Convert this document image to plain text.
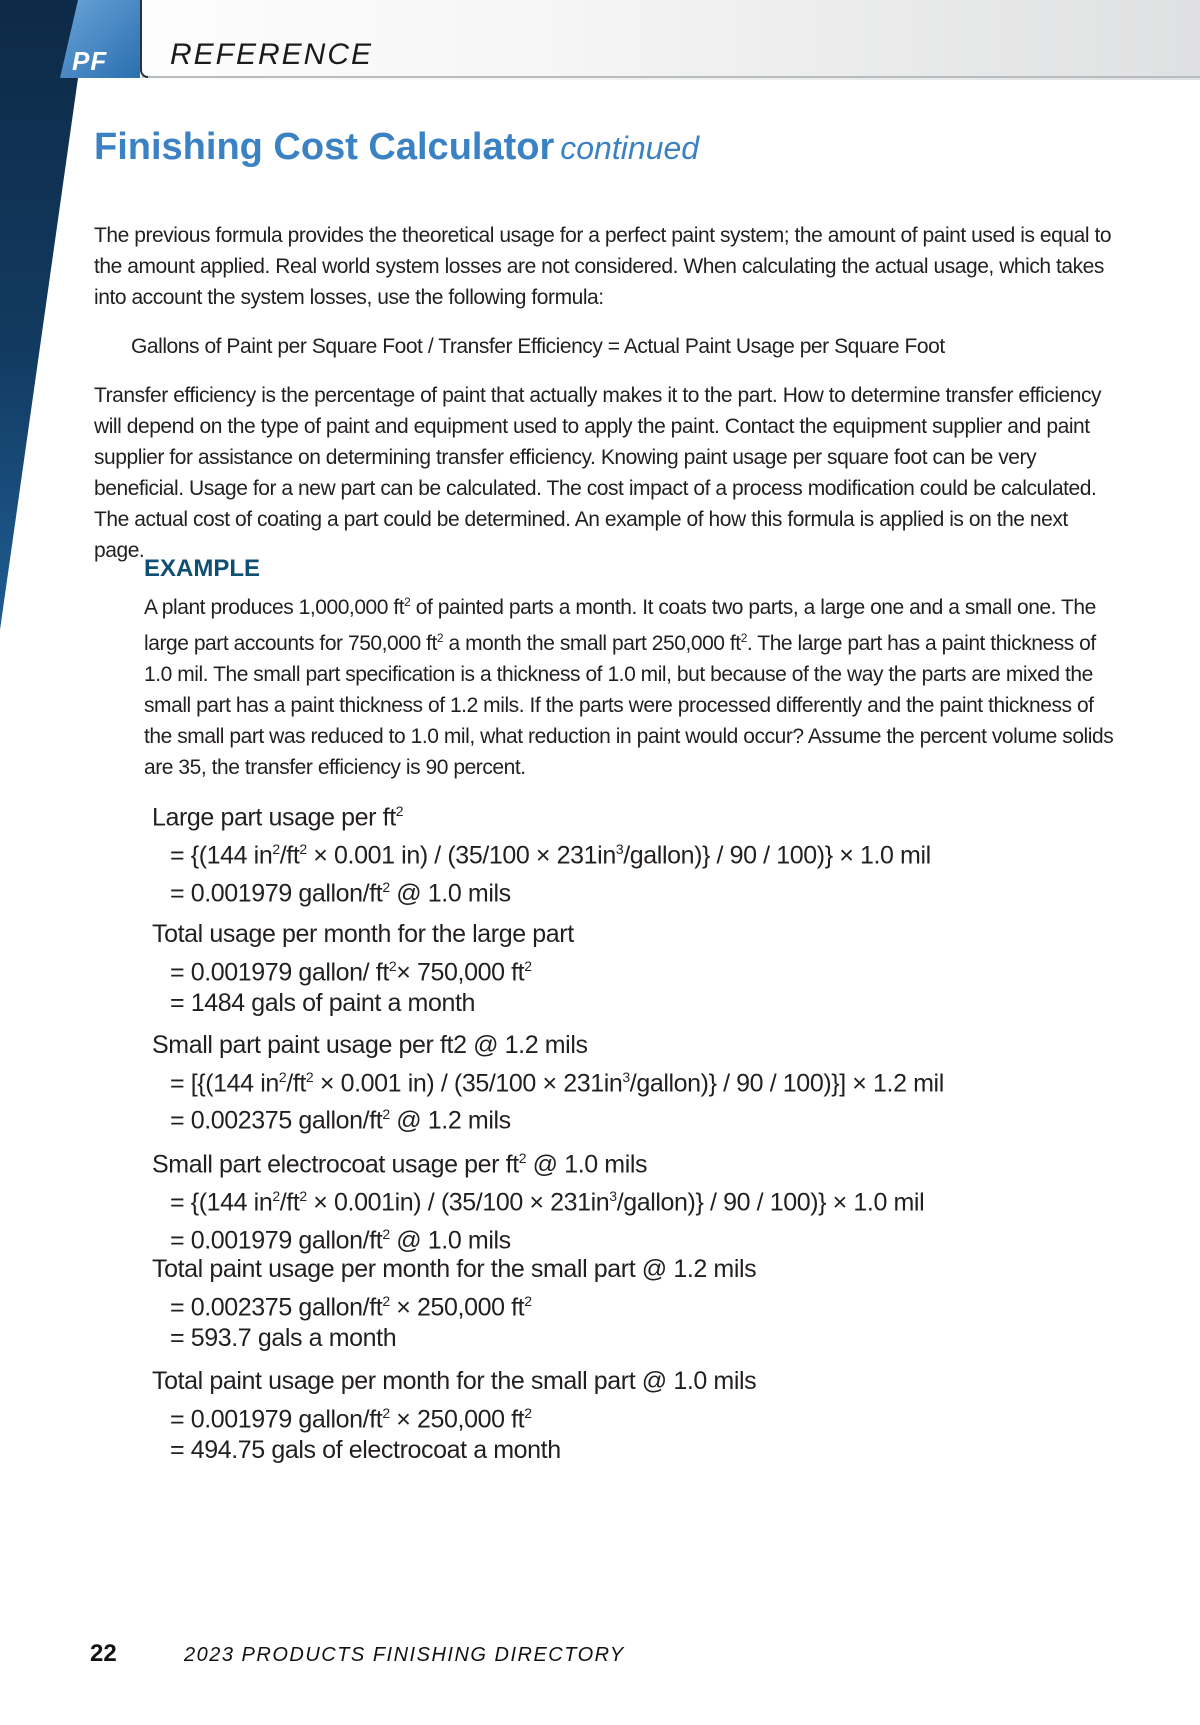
PF REFERENCE
Finishing Cost Calculator continued
The previous formula provides the theoretical usage for a perfect paint system; the amount of paint used is equal to the amount applied. Real world system losses are not considered. When calculating the actual usage, which takes into account the system losses, use the following formula:
Gallons of Paint per Square Foot / Transfer Efficiency = Actual Paint Usage per Square Foot
Transfer efficiency is the percentage of paint that actually makes it to the part. How to determine transfer efficiency will depend on the type of paint and equipment used to apply the paint. Contact the equipment supplier and paint supplier for assistance on determining transfer efficiency. Knowing paint usage per square foot can be very beneficial. Usage for a new part can be calculated. The cost impact of a process modification could be calculated. The actual cost of coating a part could be determined. An example of how this formula is applied is on the next page.
EXAMPLE
A plant produces 1,000,000 $ft^2$ of painted parts a month. It coats two parts, a large one and a small one. The large part accounts for 750,000 $ft^2$ a month the small part 250,000 $ft^2$. The large part has a paint thickness of 1.0 mil. The small part specification is a thickness of 1.0 mil, but because of the way the parts are mixed the small part has a paint thickness of 1.2 mils. If the parts were processed differently and the paint thickness of the small part was reduced to 1.0 mil, what reduction in paint would occur? Assume the percent volume solids are 35, the transfer efficiency is 90 percent.
Large part usage per $ft^2$
= {(144 $in^2/ft^2 \times 0.001$ $in) / (35/100 \times 231in^3/gallon)\} / 90 / 100)\} \times 1.0$ mil
= 0.001979 gallon/$ft^2$ @ 1.0 mils
Total usage per month for the large part
= 0.001979 gallon/ $ft^2\times 750,000$ $ft^2$
= 1484 gals of paint a month
Small part paint usage per ft2 @ 1.2 mils
= [{(144 $in^2/ft^2 \times 0.001$ $in) / (35/100 \times 231in^3/gallon)\} / 90 / 100)\}] \times 1.2$ mil
= 0.002375 gallon/$ft^2$ @ 1.2 mils
Small part electrocoat usage per $ft^2$ @ 1.0 mils
= {(144 $in^2/ft^2 \times 0.001in) / (35/100$ × $231in^3/gallon)\} / 90 / 100)\} \times 1.0$ mil
= 0.001979 gallon/$ft^2$ @ 1.0 mils
Total paint usage per month for the small part @ 1.2 mils
= 0.002375 gallon/$ft^2 \times 250,000$ $ft^2$
= 593.7 gals a month
Total paint usage per month for the small part @ 1.0 mils
= 0.001979 gallon/$ft^2 \times 250,000$ $ft^2$
= 494.75 gals of electrocoat a month
22	2023 PRODUCTS FINISHING DIRECTORY
